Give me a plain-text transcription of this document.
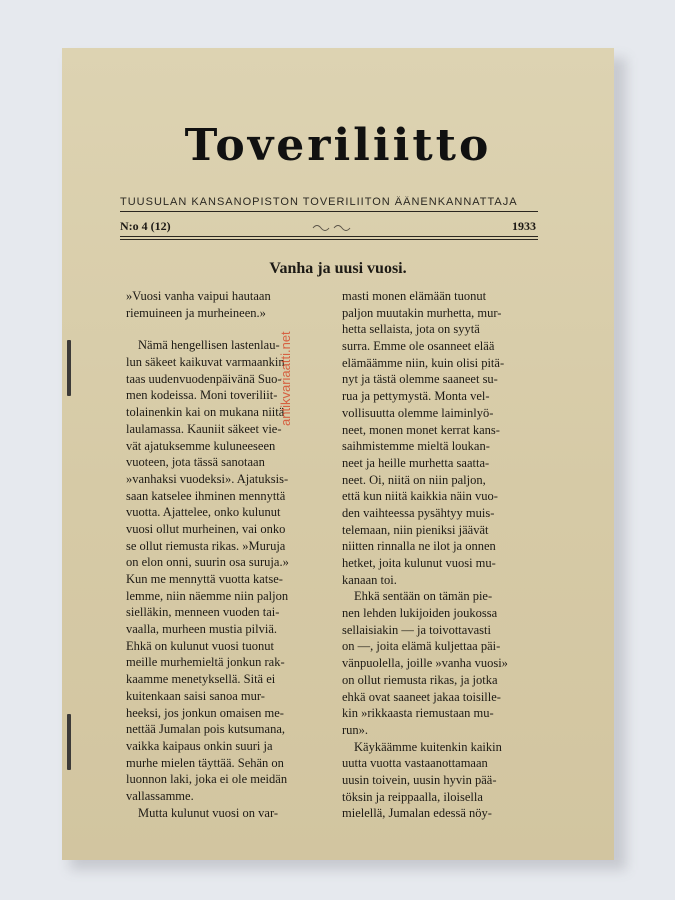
Toveriliitto
TUUSULAN KANSANOPISTON TOVERILIITON ÄÄNENKANNATTAJA
N:o 4 (12)	1933
Vanha ja uusi vuosi.
»Vuosi vanha vaipui hautaan
riemuineen ja murheineen.»
Nämä hengellisen lastenlau-
lun säkeet kaikuvat varmaankin
taas uudenvuodenpäivänä Suo-
men kodeissa. Moni toveriliit-
tolainenkin kai on mukana niitä
laulamassa. Kauniit säkeet vie-
vät ajatuksemme kuluneeseen
vuoteen, jota tässä sanotaan
»vanhaksi vuodeksi». Ajatuksis-
saan katselee ihminen mennyttä
vuotta. Ajattelee, onko kulunut
vuosi ollut murheinen, vai onko
se ollut riemusta rikas. »Muruja
on elon onni, suurin osa suruja.»
Kun me mennyttä vuotta katse-
lemme, niin näemme niin paljon
sielläkin, menneen vuoden tai-
vaalla, murheen mustia pilviä.
Ehkä on kulunut vuosi tuonut
meille murhemieltä jonkun rak-
kaamme menetyksellä. Sitä ei
kuitenkaan saisi sanoa mur-
heeksi, jos jonkun omaisen me-
nettää Jumalan pois kutsumana,
vaikka kaipaus onkin suuri ja
murhe mielen täyttää. Sehän on
luonnon laki, joka ei ole meidän
vallassamme.
Mutta kulunut vuosi on var-
masti monen elämään tuonut
paljon muutakin murhetta, mur-
hetta sellaista, jota on syytä
surra. Emme ole osanneet elää
elämäämme niin, kuin olisi pitä-
nyt ja tästä olemme saaneet su-
rua ja pettymystä. Monta vel-
vollisuutta olemme laiminlyö-
neet, monen monet kerrat kans-
saihmistemme mieltä loukan-
neet ja heille murhetta saatta-
neet. Oi, niitä on niin paljon,
että kun niitä kaikkia näin vuo-
den vaihteessa pysähtyy muis-
telemaan, niin pieniksi jäävät
niitten rinnalla ne ilot ja onnen
hetket, joita kulunut vuosi mu-
kanaan toi.
Ehkä sentään on tämän pie-
nen lehden lukijoiden joukossa
sellaisiakin — ja toivottavasti
on —, joita elämä kuljettaa päi-
vänpuolella, joille »vanha vuosi»
on ollut riemusta rikas, ja jotka
ehkä ovat saaneet jakaa toisille-
kin »rikkaasta riemustaan mu-
run».
Käykäämme kuitenkin kaikin
uutta vuotta vastaanottamaan
uusin toivein, uusin hyvin pää-
töksin ja reippaalla, iloisella
mielellä, Jumalan edessä nöy-
antikvariaatti.net
